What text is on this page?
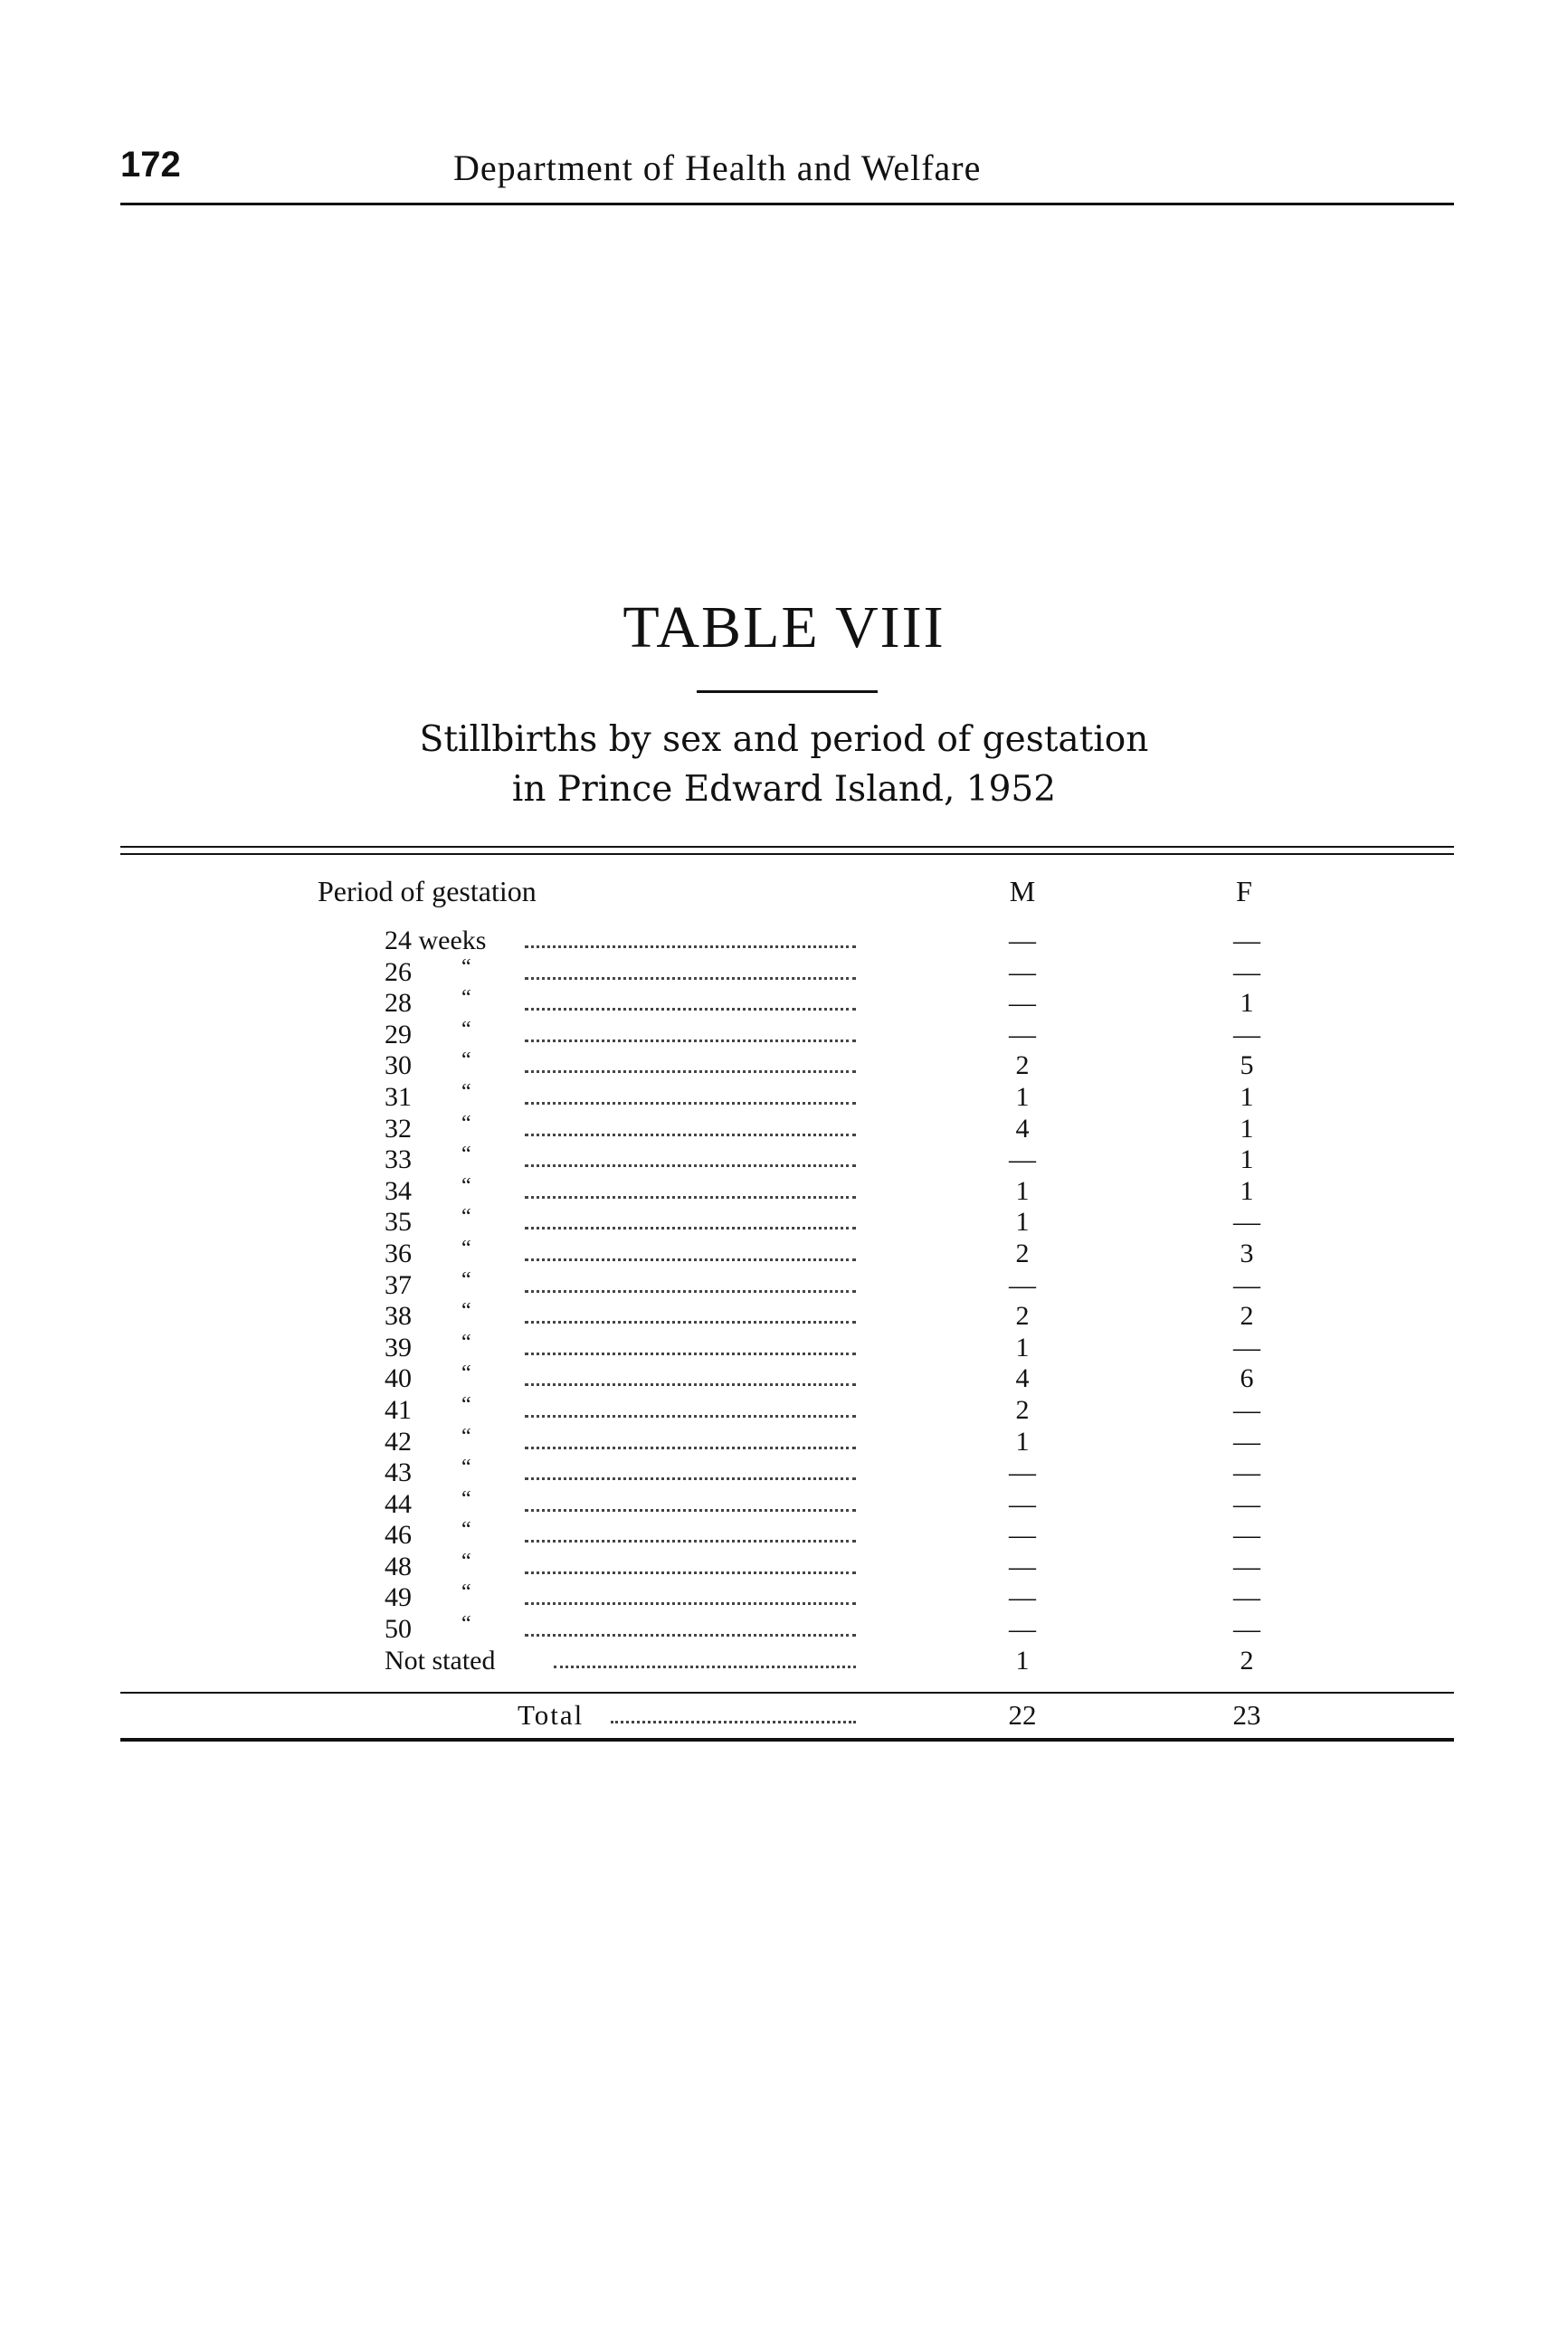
172	Department of Health and Welfare
TABLE VIII
Stillbirths by sex and period of gestation
in Prince Edward Island, 1952
Period of gestation	M	F
24 weeks	—	—
26 “	—	—
28 “	—	1
29 “	—	—
30 “	2	5
31 “	1	1
32 “	4	1
33 “	—	1
34 “	1	1
35 “	1	—
36 “	2	3
37 “	—	—
38 “	2	2
39 “	1	—
40 “	4	6
41 “	2	—
42 “	1	—
43 “	—	—
44 “	—	—
46 “	—	—
48 “	—	—
49 “	—	—
50 “	—	—
Not stated	1	2
Total	22	23
